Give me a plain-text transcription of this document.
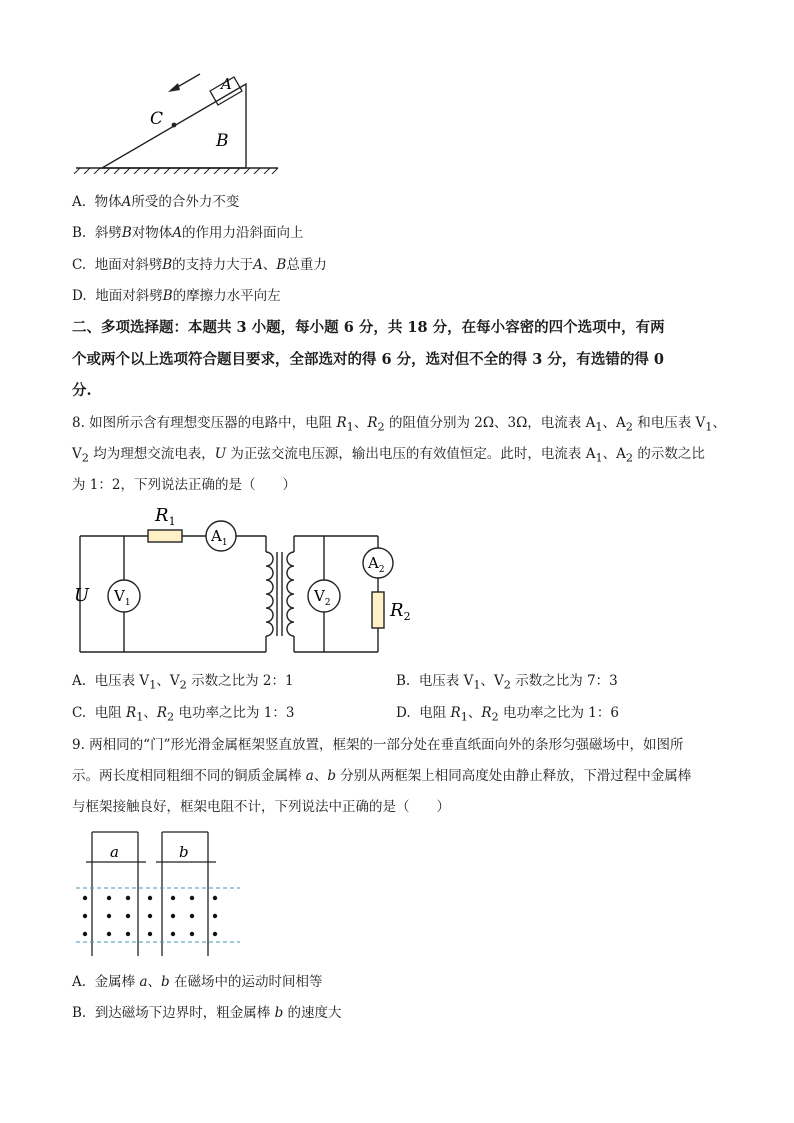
A
C
B
A. 物体A所受的合外力不变
B. 斜劈B对物体A的作用力沿斜面向上
C. 地面对斜劈B的支持力大于A、B总重力
D. 地面对斜劈B的摩擦力水平向左
二、多项选择题：本题共 3 小题，每小题 6 分，共 18 分，在每小容密的四个选项中，有两
个或两个以上选项符合题目要求，全部选对的得 6 分，选对但不全的得 3 分，有选错的得 0
分.
8. 如图所示含有理想变压器的电路中，电阻 $R_1$、$R_2$ 的阻值分别为 2Ω、3Ω，电流表 $A_1$、$A_2$ 和电压表 $V_1$、
$V_2$ 均为理想交流电表，U 为正弦交流电压源，输出电压的有效值恒定。此时，电流表 $A_1$、$A_2$ 的示数之比
为 1：2，下列说法正确的是（　　）
$R_1$
$A_1$
U $V_1$	$V_2$
$A_2$
$R_2$
A. 电压表 $V_1$、$V_2$ 示数之比为 2：1	B. 电压表 $V_1$、$V_2$ 示数之比为 7：3
C. 电阻 $R_1$、$R_2$ 电功率之比为 1：3	D. 电阻 $R_1$、$R_2$ 电功率之比为 1：6
9. 两相同的“门”形光滑金属框架竖直放置，框架的一部分处在垂直纸面向外的条形匀强磁场中，如图所
示。两长度相同粗细不同的铜质金属棒 a、b 分别从两框架上相同高度处由静止释放，下滑过程中金属棒
与框架接触良好，框架电阻不计，下列说法中正确的是（　　）
a	b
A. 金属棒 a、b 在磁场中的运动时间相等
B. 到达磁场下边界时，粗金属棒 b 的速度大
